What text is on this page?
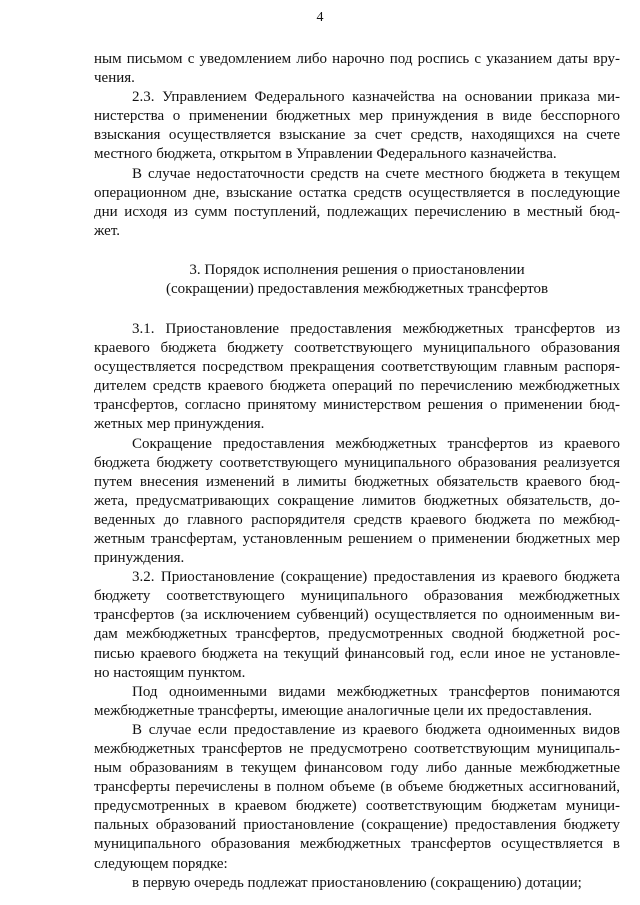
4
ным письмом с уведомлением либо нарочно под роспись с указанием даты вру-
чения.
2.3. Управлением Федерального казначейства на основании приказа ми-
нистерства о применении бюджетных мер принуждения в виде бесспорного
взыскания осуществляется взыскание за счет средств, находящихся на счете
местного бюджета, открытом в Управлении Федерального казначейства.
В случае недостаточности средств на счете местного бюджета в текущем
операционном дне, взыскание остатка средств осуществляется в последующие
дни исходя из сумм поступлений, подлежащих перечислению в местный бюд-
жет.
3. Порядок исполнения решения о приостановлении
(сокращении) предоставления межбюджетных трансфертов
3.1. Приостановление предоставления межбюджетных трансфертов из
краевого бюджета бюджету соответствующего муниципального образования
осуществляется посредством прекращения соответствующим главным распоря-
дителем средств краевого бюджета операций по перечислению межбюджетных
трансфертов, согласно принятому министерством решения о применении бюд-
жетных мер принуждения.
Сокращение предоставления межбюджетных трансфертов из краевого
бюджета бюджету соответствующего муниципального образования реализуется
путем внесения изменений в лимиты бюджетных обязательств краевого бюд-
жета, предусматривающих сокращение лимитов бюджетных обязательств, до-
веденных до главного распорядителя средств краевого бюджета по межбюд-
жетным трансфертам, установленным решением о применении бюджетных мер
принуждения.
3.2. Приостановление (сокращение) предоставления из краевого бюджета
бюджету соответствующего муниципального образования межбюджетных
трансфертов (за исключением субвенций) осуществляется по одноименным ви-
дам межбюджетных трансфертов, предусмотренных сводной бюджетной рос-
писью краевого бюджета на текущий финансовый год, если иное не установле-
но настоящим пунктом.
Под одноименными видами межбюджетных трансфертов понимаются
межбюджетные трансферты, имеющие аналогичные цели их предоставления.
В случае если предоставление из краевого бюджета одноименных видов
межбюджетных трансфертов не предусмотрено соответствующим муниципаль-
ным образованиям в текущем финансовом году либо данные межбюджетные
трансферты перечислены в полном объеме (в объеме бюджетных ассигнований,
предусмотренных в краевом бюджете) соответствующим бюджетам муници-
пальных образований приостановление (сокращение) предоставления бюджету
муниципального образования межбюджетных трансфертов осуществляется в
следующем порядке:
в первую очередь подлежат приостановлению (сокращению) дотации;
